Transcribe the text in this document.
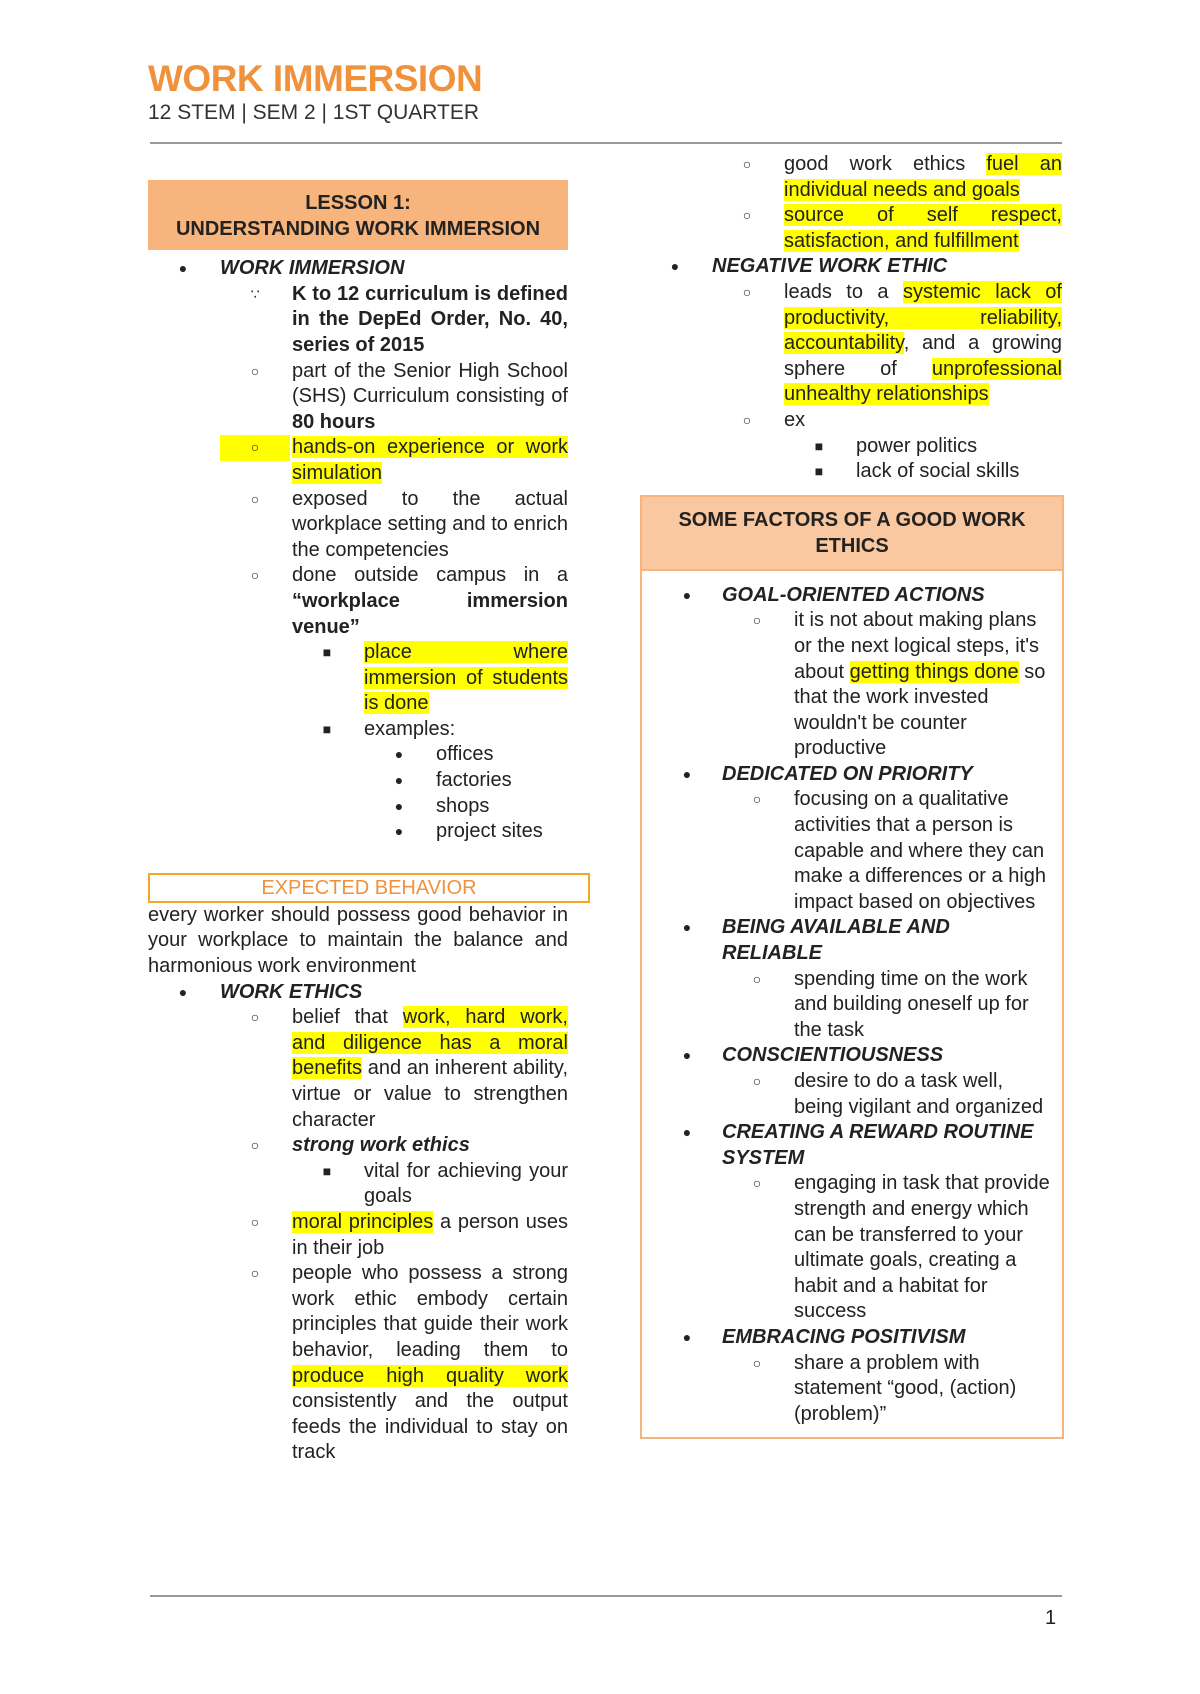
WORK IMMERSION
12 STEM | SEM 2 | 1ST QUARTER
LESSON 1:
UNDERSTANDING WORK IMMERSION
●	WORK IMMERSION
∵	K to 12 curriculum is defined in the DepEd Order, No. 40, series of 2015
○	part of the Senior High School (SHS) Curriculum consisting of 80 hours
○	hands-on experience or work simulation
○	exposed to the actual workplace setting and to enrich the competencies
○	done outside campus in a “workplace immersion venue”
■	place where immersion of students is done
■	examples:
●	offices
●	factories
●	shops
●	project sites
EXPECTED BEHAVIOR
every worker should possess good behavior in your workplace to maintain the balance and harmonious work environment
●	WORK ETHICS
○	belief that work, hard work, and diligence has a moral benefits and an inherent ability, virtue or value to strengthen character
○	strong work ethics
■	vital for achieving your goals
○	moral principles a person uses in their job
○	people who possess a strong work ethic embody certain principles that guide their work behavior, leading them to produce high quality work consistently and the output feeds the individual to stay on track
○	good work ethics fuel an individual needs and goals
○	source of self respect, satisfaction, and fulfillment
●	NEGATIVE WORK ETHIC
○	leads to a systemic lack of productivity, reliability, accountability, and a growing sphere of unprofessional unhealthy relationships
○	ex
■	power politics
■	lack of social skills
SOME FACTORS OF A GOOD WORK ETHICS
●	GOAL-ORIENTED ACTIONS
○	it is not about making plans or the next logical steps, it's about getting things done so that the work invested wouldn't be counter productive
●	DEDICATED ON PRIORITY
○	focusing on a qualitative activities that a person is capable and where they can make a differences or a high impact based on objectives
●	BEING AVAILABLE AND RELIABLE
○	spending time on the work and building oneself up for the task
●	CONSCIENTIOUSNESS
○	desire to do a task well, being vigilant and organized
●	CREATING A REWARD ROUTINE SYSTEM
○	engaging in task that provide strength and energy which can be transferred to your ultimate goals, creating a habit and a habitat for success
●	EMBRACING POSITIVISM
○	share a problem with statement “good, (action)(problem)”
1
